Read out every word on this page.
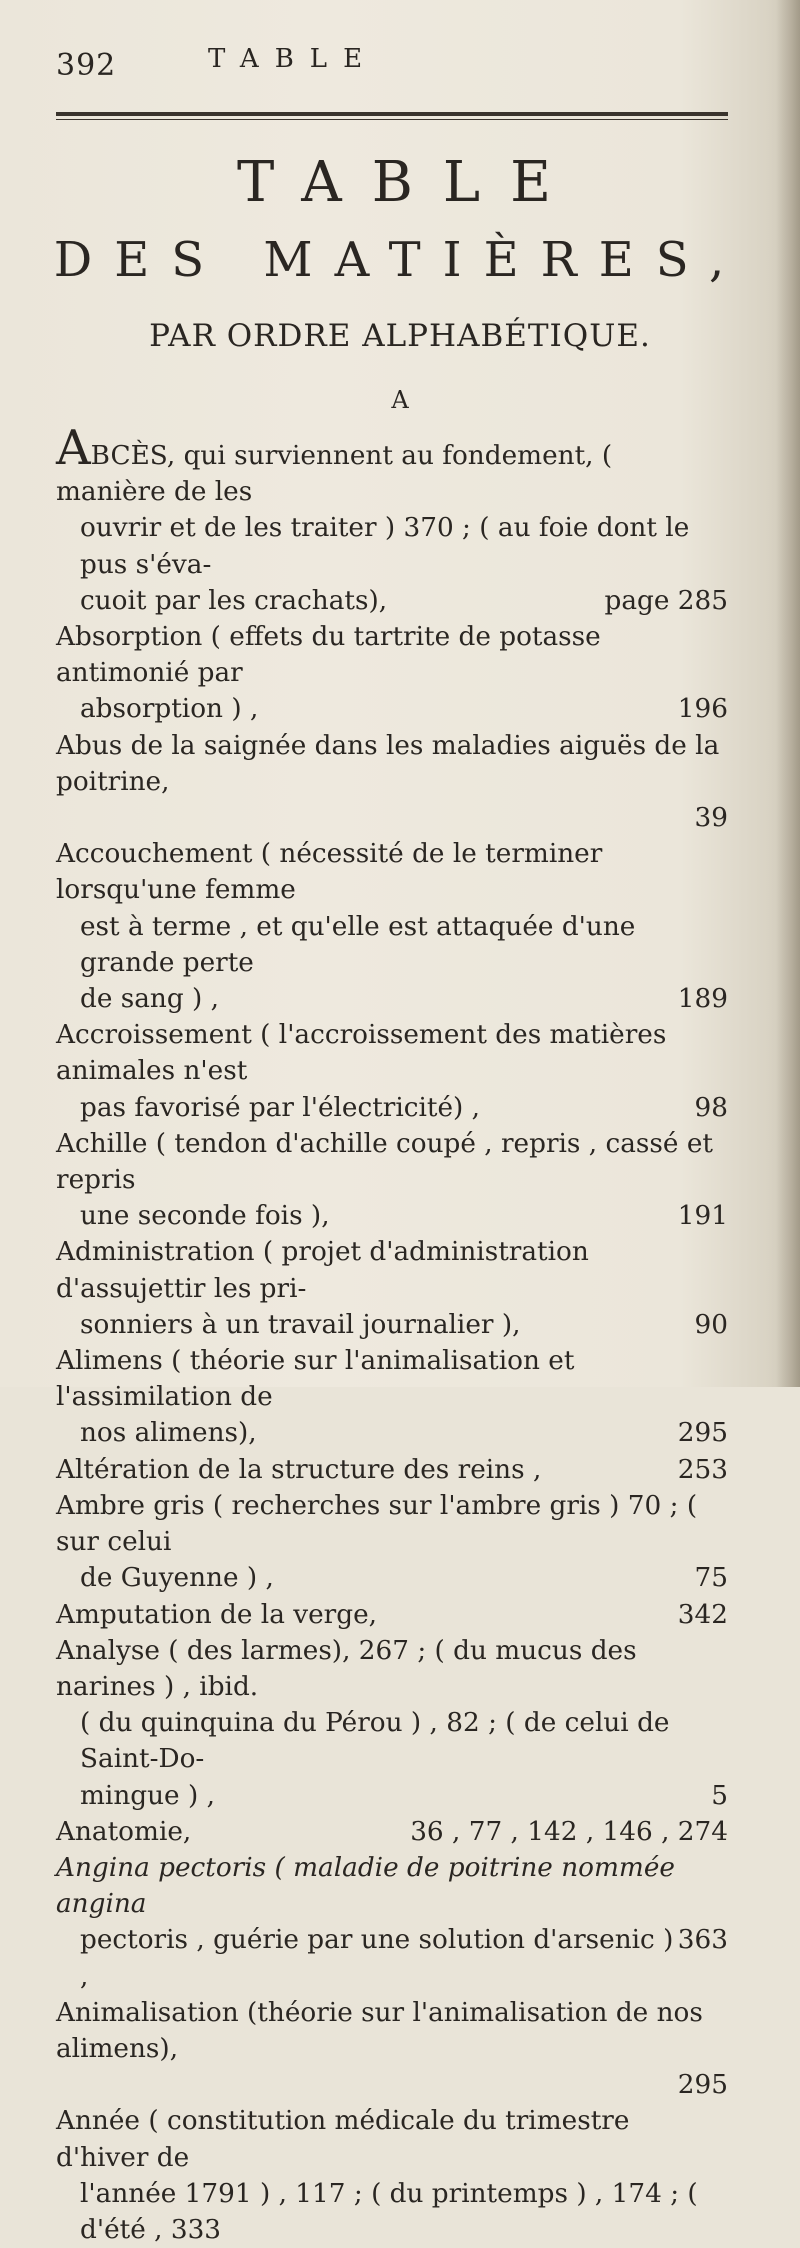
392	TABLE
TABLE
DES MATIÈRES,
PAR ORDRE ALPHABÉTIQUE.
A
ABCÈS, qui surviennent au fondement, ( manière de les
ouvrir et de les traiter ) 370 ; ( au foie dont le pus s'éva-
cuoit par les crachats),	page 285
Absorption ( effets du tartrite de potasse antimonié par
absorption ) ,	196
Abus de la saignée dans les maladies aiguës de la poitrine,
39
Accouchement ( nécessité de le terminer lorsqu'une femme
est à terme , et qu'elle est attaquée d'une grande perte
de sang ) ,	189
Accroissement ( l'accroissement des matières animales n'est
pas favorisé par l'électricité) ,	98
Achille ( tendon d'achille coupé , repris , cassé et repris
une seconde fois ),	191
Administration ( projet d'administration d'assujettir les pri-
sonniers à un travail journalier ),	90
Alimens ( théorie sur l'animalisation et l'assimilation de
nos alimens),	295
Altération de la structure des reins ,	253
Ambre gris ( recherches sur l'ambre gris ) 70 ; ( sur celui
de Guyenne ) ,	75
Amputation de la verge,	342
Analyse ( des larmes), 267 ; ( du mucus des narines ) , ibid.
( du quinquina du Pérou ) , 82 ; ( de celui de Saint-Do-
mingue ) ,	5
Anatomie,	36 , 77 , 142 , 146 , 274
Angina pectoris ( maladie de poitrine nommée angina
pectoris , guérie par une solution d'arsenic ) ,
363
Animalisation (théorie sur l'animalisation de nos alimens),
295
Année ( constitution médicale du trimestre d'hiver de
l'année 1791 ) , 117 ; ( du printemps ) , 174 ; ( d'été , 333
